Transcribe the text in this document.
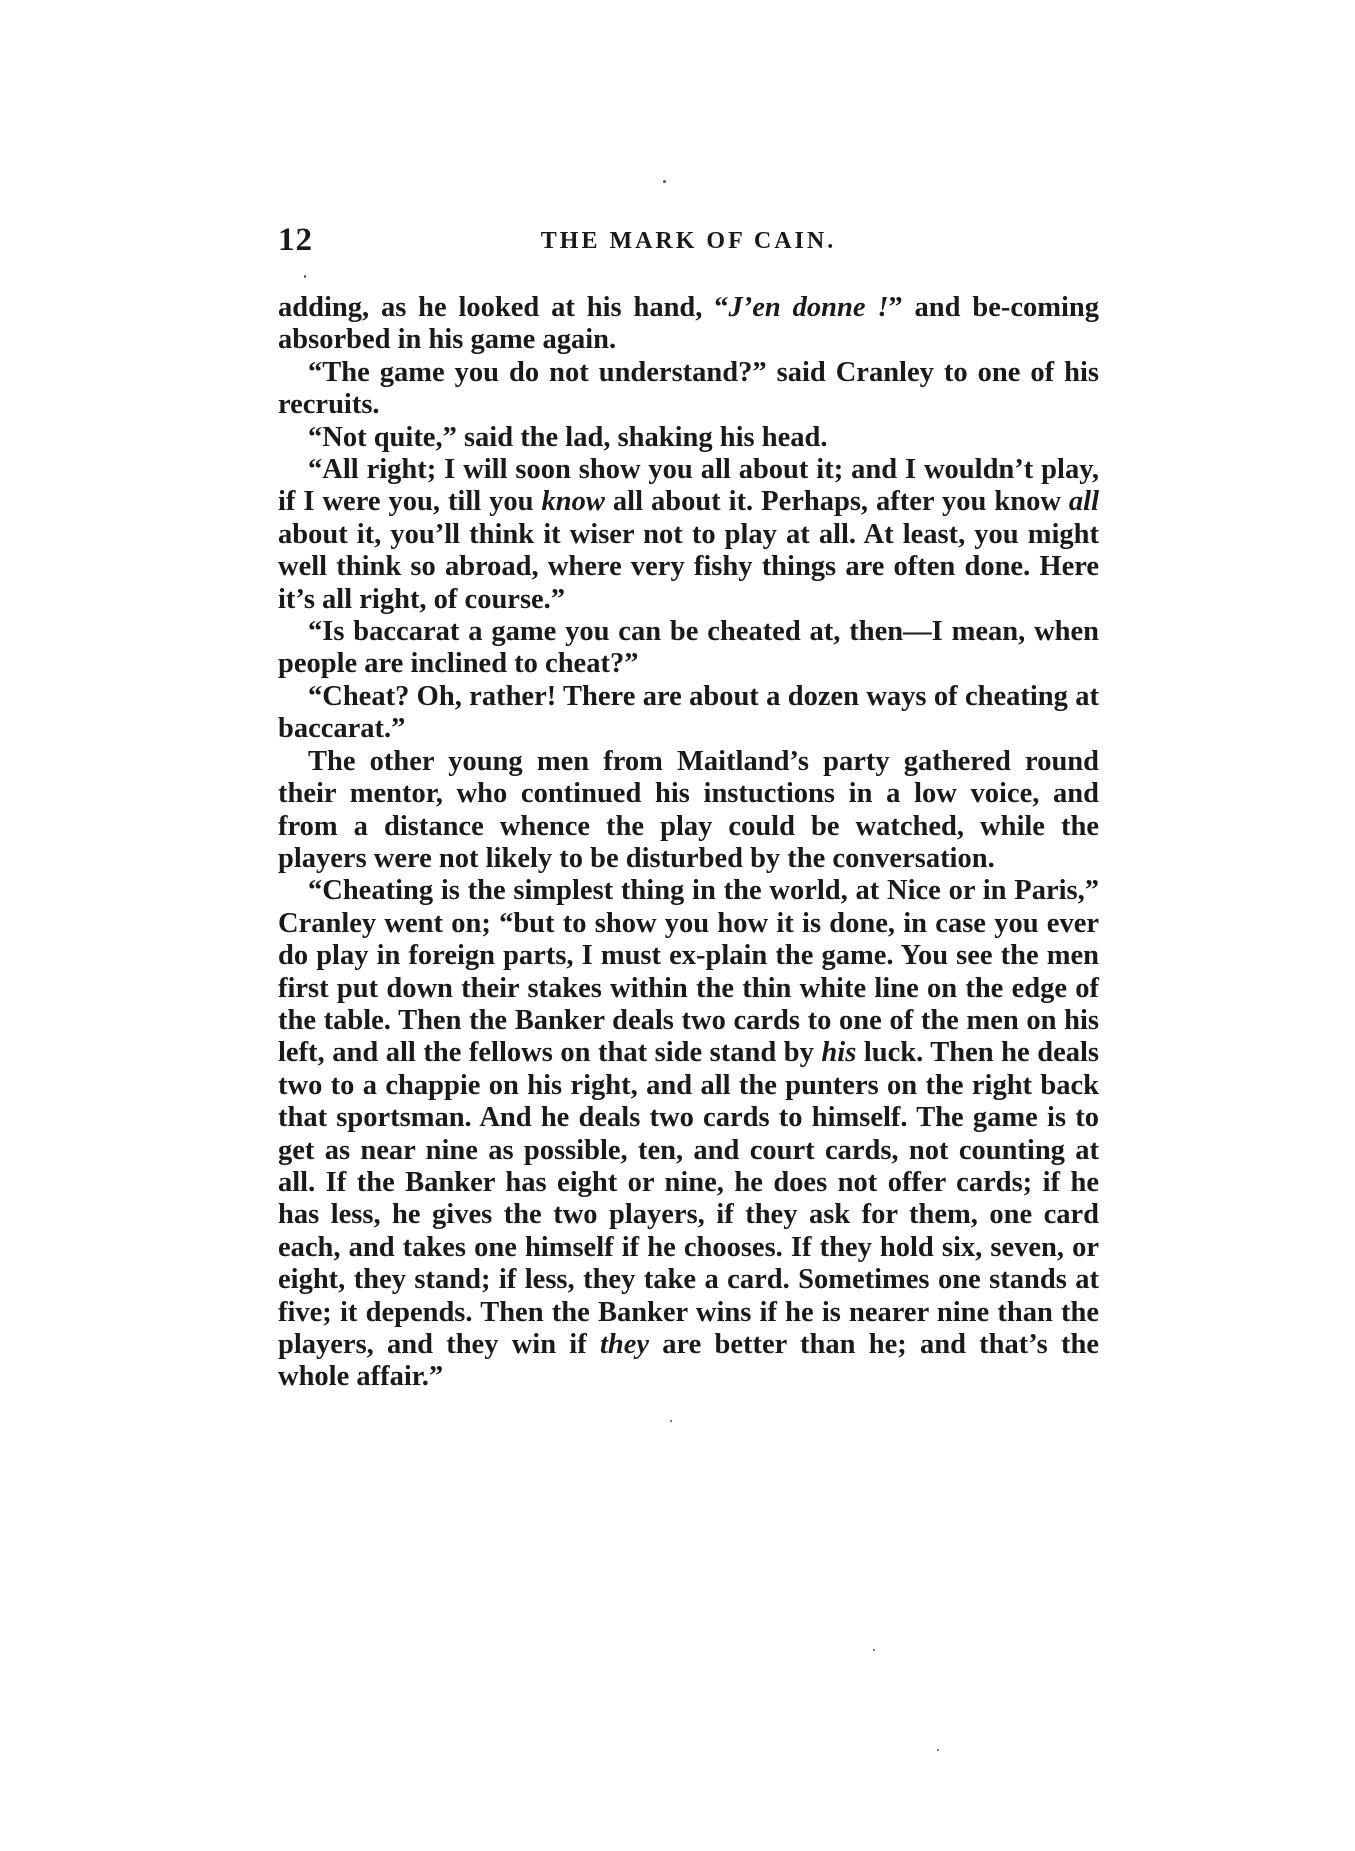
12	THE MARK OF CAIN.

adding, as he looked at his hand, “J’en donne !” and be-coming absorbed in his game again.

“The game you do not understand?” said Cranley to one of his recruits.

“Not quite,” said the lad, shaking his head.

“All right; I will soon show you all about it; and I wouldn’t play, if I were you, till you know all about it. Perhaps, after you know all about it, you’ll think it wiser not to play at all. At least, you might well think so abroad, where very fishy things are often done. Here it’s all right, of course.”

“Is baccarat a game you can be cheated at, then—I mean, when people are inclined to cheat?”

“Cheat? Oh, rather! There are about a dozen ways of cheating at baccarat.”

The other young men from Maitland’s party gathered round their mentor, who continued his instuctions in a low voice, and from a distance whence the play could be watched, while the players were not likely to be disturbed by the conversation.

“Cheating is the simplest thing in the world, at Nice or in Paris,” Cranley went on; “but to show you how it is done, in case you ever do play in foreign parts, I must ex-plain the game. You see the men first put down their stakes within the thin white line on the edge of the table. Then the Banker deals two cards to one of the men on his left, and all the fellows on that side stand by his luck. Then he deals two to a chappie on his right, and all the punters on the right back that sportsman. And he deals two cards to himself. The game is to get as near nine as possible, ten, and court cards, not counting at all. If the Banker has eight or nine, he does not offer cards; if he has less, he gives the two players, if they ask for them, one card each, and takes one himself if he chooses. If they hold six, seven, or eight, they stand; if less, they take a card. Sometimes one stands at five; it depends. Then the Banker wins if he is nearer nine than the players, and they win if they are better than he; and that’s the whole affair.”
